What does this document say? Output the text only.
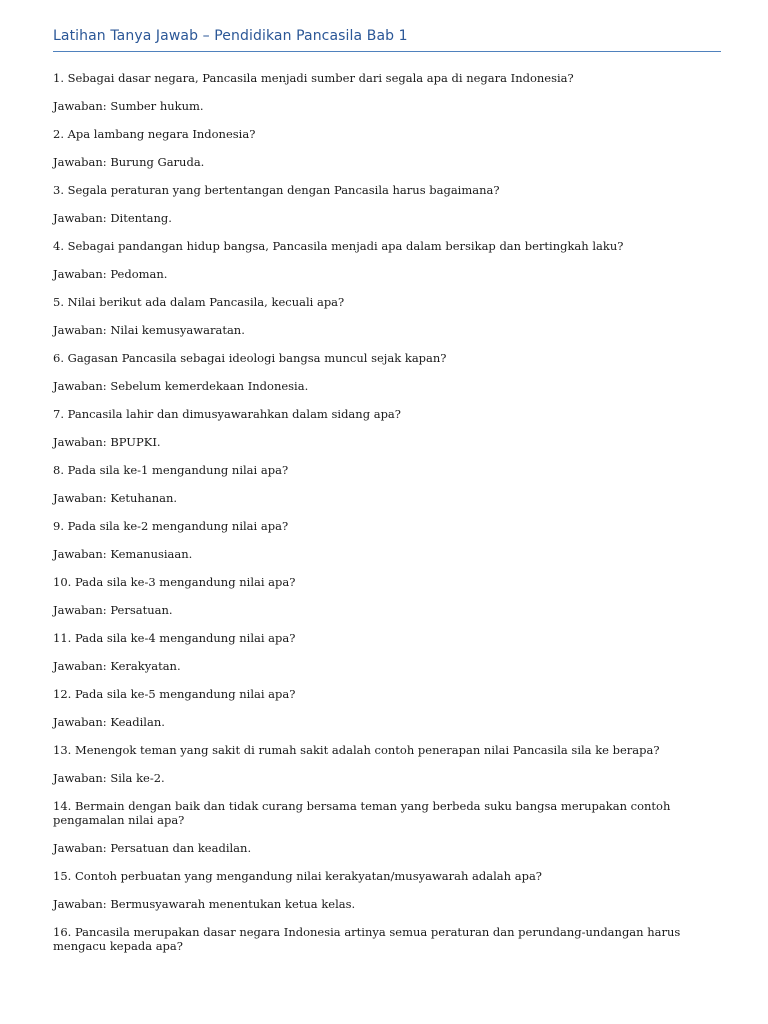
Latihan Tanya Jawab – Pendidikan Pancasila Bab 1

1. Sebagai dasar negara, Pancasila menjadi sumber dari segala apa di negara Indonesia?

Jawaban: Sumber hukum.

2. Apa lambang negara Indonesia?

Jawaban: Burung Garuda.

3. Segala peraturan yang bertentangan dengan Pancasila harus bagaimana?

Jawaban: Ditentang.

4. Sebagai pandangan hidup bangsa, Pancasila menjadi apa dalam bersikap dan bertingkah laku?

Jawaban: Pedoman.

5. Nilai berikut ada dalam Pancasila, kecuali apa?

Jawaban: Nilai kemusyawaratan.

6. Gagasan Pancasila sebagai ideologi bangsa muncul sejak kapan?

Jawaban: Sebelum kemerdekaan Indonesia.

7. Pancasila lahir dan dimusyawarahkan dalam sidang apa?

Jawaban: BPUPKI.

8. Pada sila ke-1 mengandung nilai apa?

Jawaban: Ketuhanan.

9. Pada sila ke-2 mengandung nilai apa?

Jawaban: Kemanusiaan.

10. Pada sila ke-3 mengandung nilai apa?

Jawaban: Persatuan.

11. Pada sila ke-4 mengandung nilai apa?

Jawaban: Kerakyatan.

12. Pada sila ke-5 mengandung nilai apa?

Jawaban: Keadilan.

13. Menengok teman yang sakit di rumah sakit adalah contoh penerapan nilai Pancasila sila ke berapa?

Jawaban: Sila ke-2.

14. Bermain dengan baik dan tidak curang bersama teman yang berbeda suku bangsa merupakan contoh pengamalan nilai apa?

Jawaban: Persatuan dan keadilan.

15. Contoh perbuatan yang mengandung nilai kerakyatan/musyawarah adalah apa?

Jawaban: Bermusyawarah menentukan ketua kelas.

16. Pancasila merupakan dasar negara Indonesia artinya semua peraturan dan perundang-undangan harus mengacu kepada apa?
